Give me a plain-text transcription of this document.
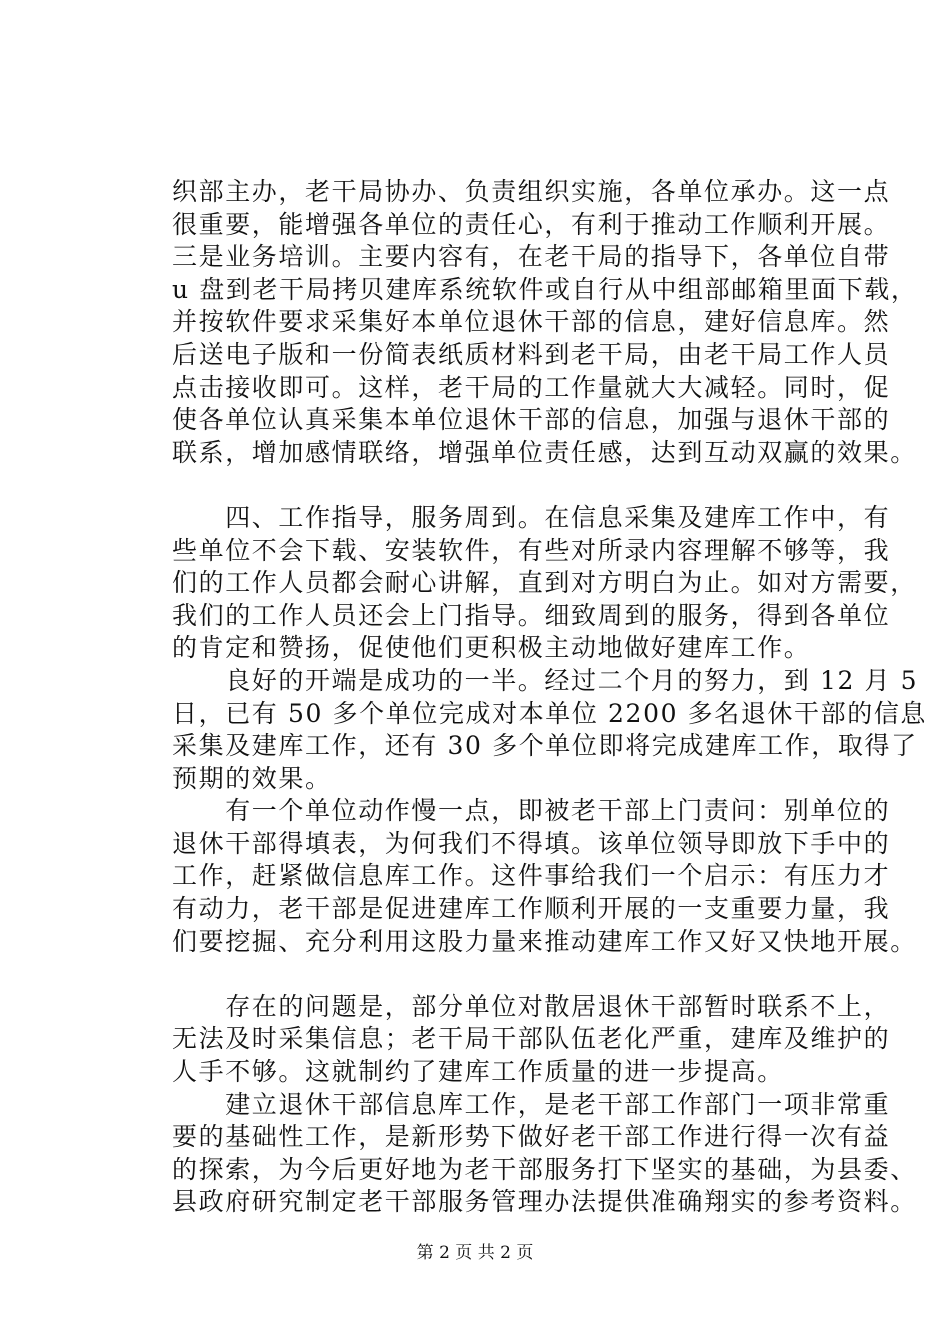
织部主办，老干局协办、负责组织实施，各单位承办。这一点
很重要，能增强各单位的责任心，有利于推动工作顺利开展。
三是业务培训。主要内容有，在老干局的指导下，各单位自带
u 盘到老干局拷贝建库系统软件或自行从中组部邮箱里面下载，
并按软件要求采集好本单位退休干部的信息，建好信息库。然
后送电子版和一份简表纸质材料到老干局，由老干局工作人员
点击接收即可。这样，老干局的工作量就大大减轻。同时，促
使各单位认真采集本单位退休干部的信息，加强与退休干部的
联系，增加感情联络，增强单位责任感，达到互动双赢的效果。
　　四、工作指导，服务周到。在信息采集及建库工作中，有
些单位不会下载、安装软件，有些对所录内容理解不够等，我
们的工作人员都会耐心讲解，直到对方明白为止。如对方需要，
我们的工作人员还会上门指导。细致周到的服务，得到各单位
的肯定和赞扬，促使他们更积极主动地做好建库工作。
　　良好的开端是成功的一半。经过二个月的努力，到 12 月 5
日，已有 50 多个单位完成对本单位 2200 多名退休干部的信息
采集及建库工作，还有 30 多个单位即将完成建库工作，取得了
预期的效果。
　　有一个单位动作慢一点，即被老干部上门责问：别单位的
退休干部得填表，为何我们不得填。该单位领导即放下手中的
工作，赶紧做信息库工作。这件事给我们一个启示：有压力才
有动力，老干部是促进建库工作顺利开展的一支重要力量，我
们要挖掘、充分利用这股力量来推动建库工作又好又快地开展。
　　存在的问题是，部分单位对散居退休干部暂时联系不上，
无法及时采集信息；老干局干部队伍老化严重，建库及维护的
人手不够。这就制约了建库工作质量的进一步提高。
　　建立退休干部信息库工作，是老干部工作部门一项非常重
要的基础性工作，是新形势下做好老干部工作进行得一次有益
的探索，为今后更好地为老干部服务打下坚实的基础，为县委、
县政府研究制定老干部服务管理办法提供准确翔实的参考资料。
第 2 页 共 2 页
